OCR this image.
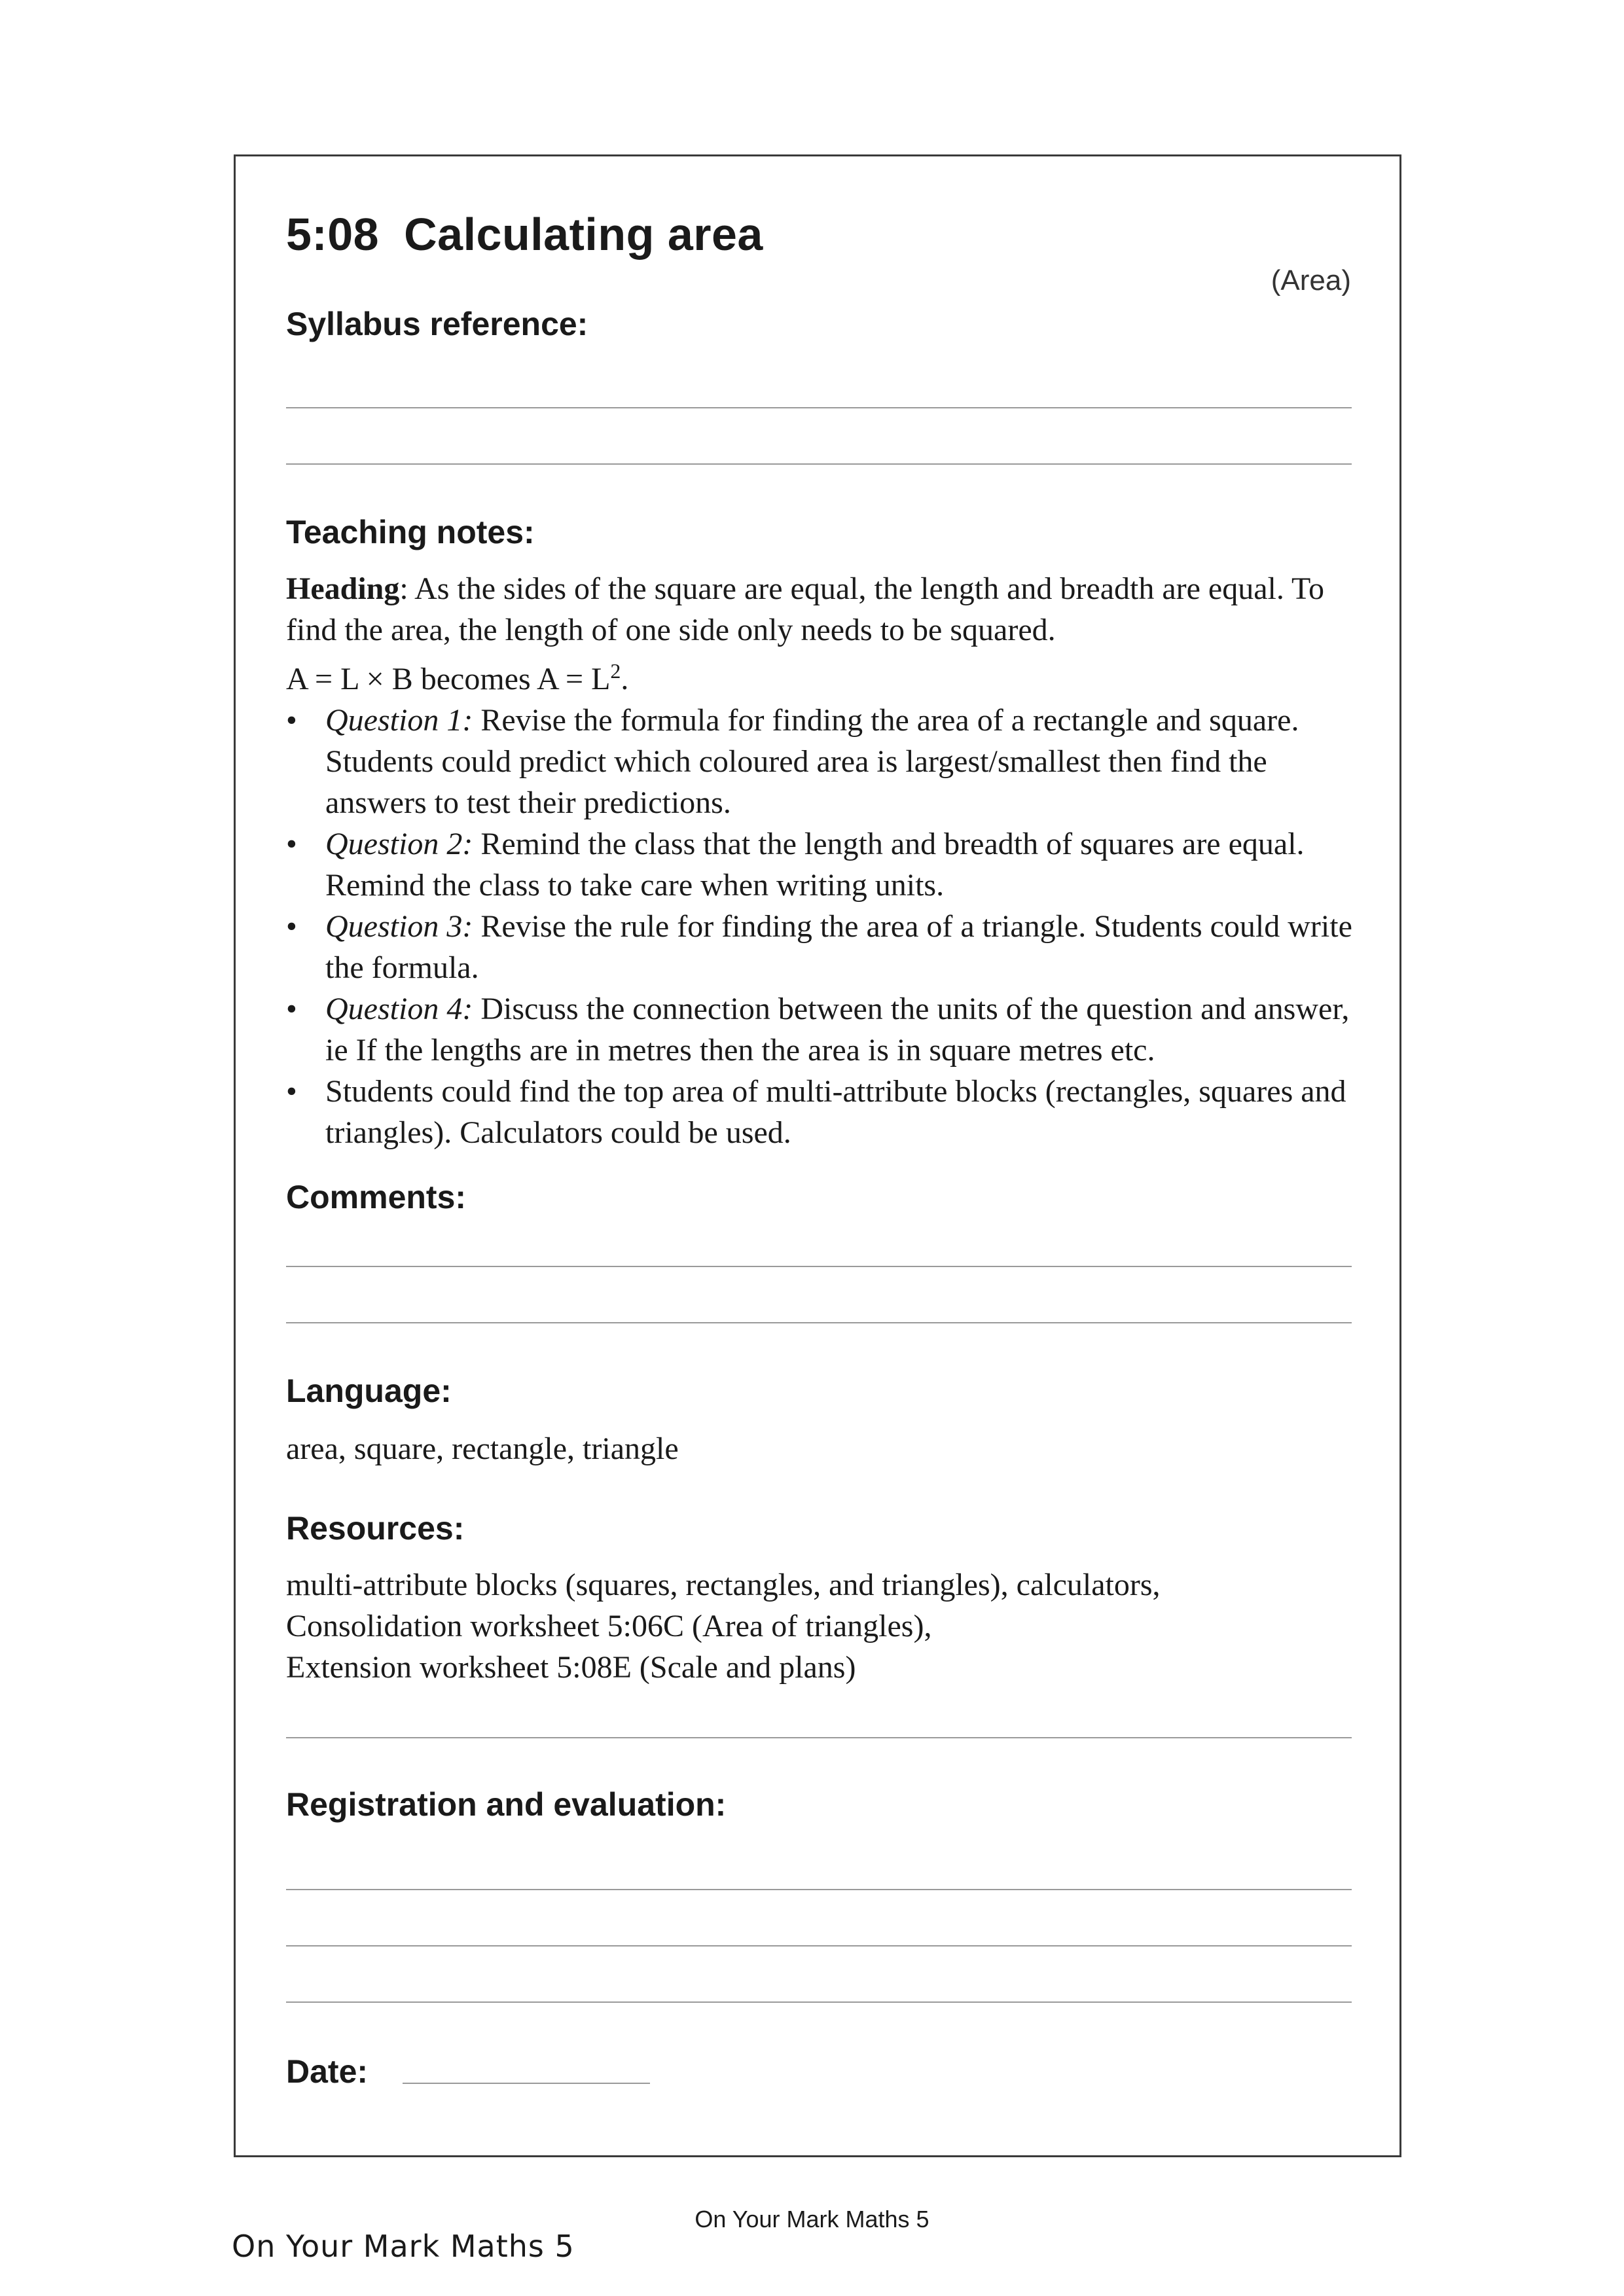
5:08 Calculating area
(Area)
Syllabus reference:
Teaching notes:

Heading: As the sides of the square are equal, the length and breadth are equal. To find the area, the length of one side only needs to be squared.

A = L × B becomes $A = L^2$.

• Question 1: Revise the formula for finding the area of a rectangle and square. Students could predict which coloured area is largest/smallest then find the answers to test their predictions.
• Question 2: Remind the class that the length and breadth of squares are equal. Remind the class to take care when writing units.
• Question 3: Revise the rule for finding the area of a triangle. Students could write the formula.
• Question 4: Discuss the connection between the units of the question and answer, ie If the lengths are in metres then the area is in square metres etc.
• Students could find the top area of multi-attribute blocks (rectangles, squares and triangles). Calculators could be used.
Comments:
Language:
area, square, rectangle, triangle
Resources:

multi-attribute blocks (squares, rectangles, and triangles), calculators,

Consolidation worksheet 5:06C (Area of triangles),

Extension worksheet 5:08E (Scale and plans)

Registration and evaluation:
Date:
On Your Mark Maths 5
On Your Mark Maths 5
